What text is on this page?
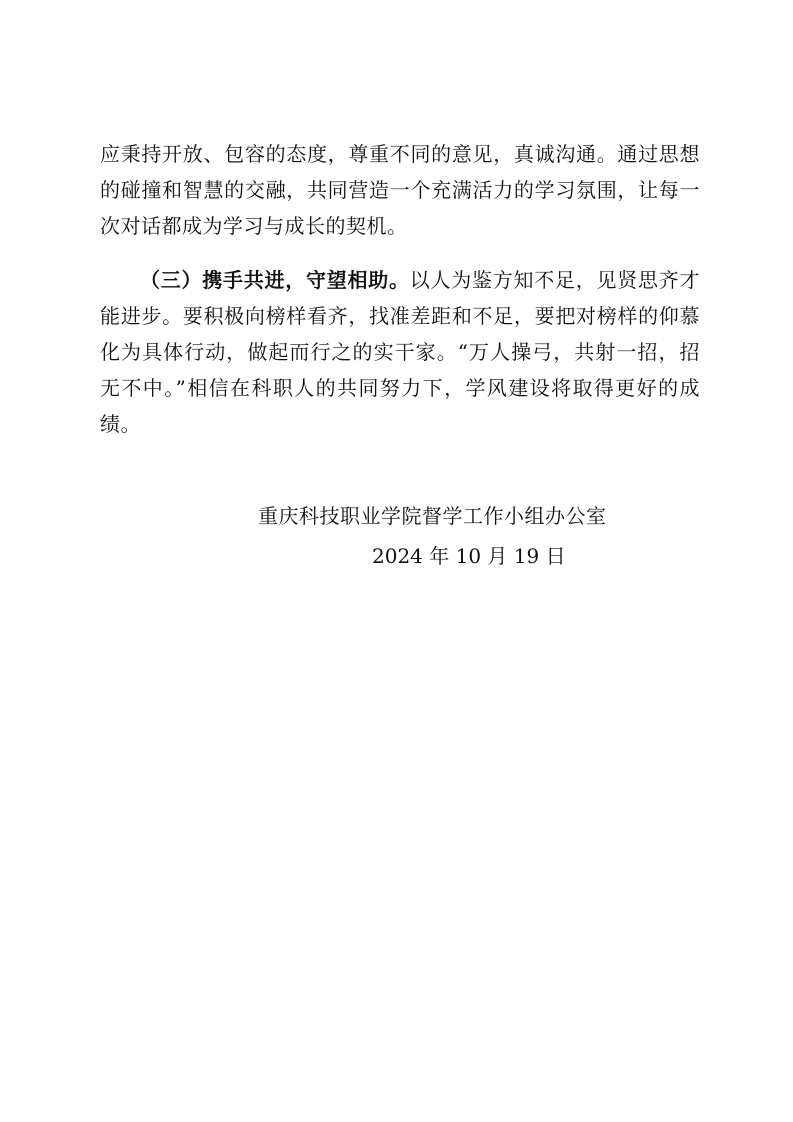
应秉持开放、包容的态度，尊重不同的意见，真诚沟通。通过思想的碰撞和智慧的交融，共同营造一个充满活力的学习氛围，让每一次对话都成为学习与成长的契机。

（三）携手共进，守望相助。以人为鉴方知不足，见贤思齐才能进步。要积极向榜样看齐，找准差距和不足，要把对榜样的仰慕化为具体行动，做起而行之的实干家。“万人操弓，共射一招，招无不中。”相信在科职人的共同努力下，学风建设将取得更好的成绩。

重庆科技职业学院督学工作小组办公室
2024 年 10 月 19 日
